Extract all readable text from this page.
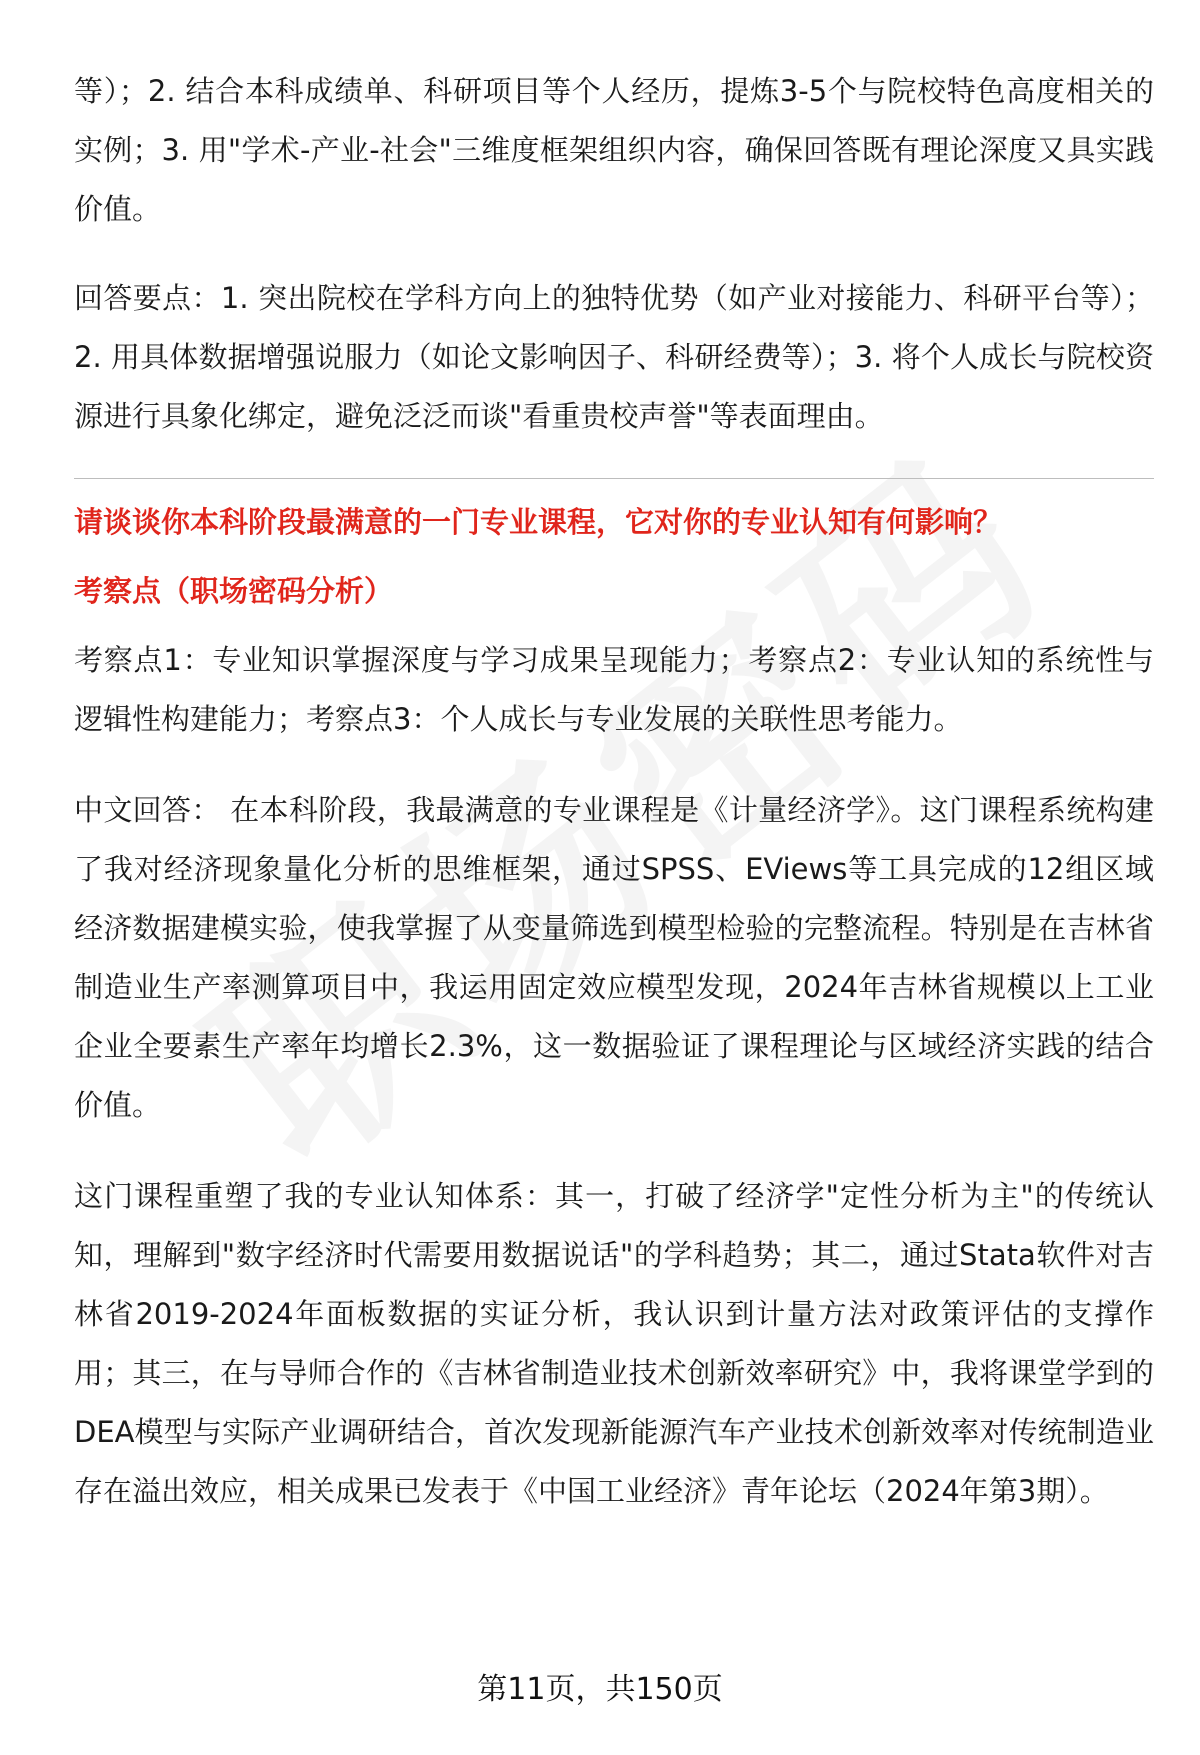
等）；2. 结合本科成绩单、科研项目等个人经历，提炼3-5个与院校特色高度相关的实例；3. 用"学术-产业-社会"三维度框架组织内容，确保回答既有理论深度又具实践价值。

回答要点：1. 突出院校在学科方向上的独特优势（如产业对接能力、科研平台等）；2. 用具体数据增强说服力（如论文影响因子、科研经费等）；3. 将个人成长与院校资源进行具象化绑定，避免泛泛而谈"看重贵校声誉"等表面理由。

请谈谈你本科阶段最满意的一门专业课程，它对你的专业认知有何影响？
考察点（职场密码分析）

考察点1：专业知识掌握深度与学习成果呈现能力；考察点2：专业认知的系统性与逻辑性构建能力；考察点3：个人成长与专业发展的关联性思考能力。

中文回答： 在本科阶段，我最满意的专业课程是《计量经济学》。这门课程系统构建了我对经济现象量化分析的思维框架，通过SPSS、EViews等工具完成的12组区域经济数据建模实验，使我掌握了从变量筛选到模型检验的完整流程。特别是在吉林省制造业生产率测算项目中，我运用固定效应模型发现，2024年吉林省规模以上工业企业全要素生产率年均增长2.3%，这一数据验证了课程理论与区域经济实践的结合价值。

这门课程重塑了我的专业认知体系：其一，打破了经济学"定性分析为主"的传统认知，理解到"数字经济时代需要用数据说话"的学科趋势；其二，通过Stata软件对吉林省2019-2024年面板数据的实证分析，我认识到计量方法对政策评估的支撑作用；其三，在与导师合作的《吉林省制造业技术创新效率研究》中，我将课堂学到的DEA模型与实际产业调研结合，首次发现新能源汽车产业技术创新效率对传统制造业存在溢出效应，相关成果已发表于《中国工业经济》青年论坛（2024年第3期）。

第11页，共150页
